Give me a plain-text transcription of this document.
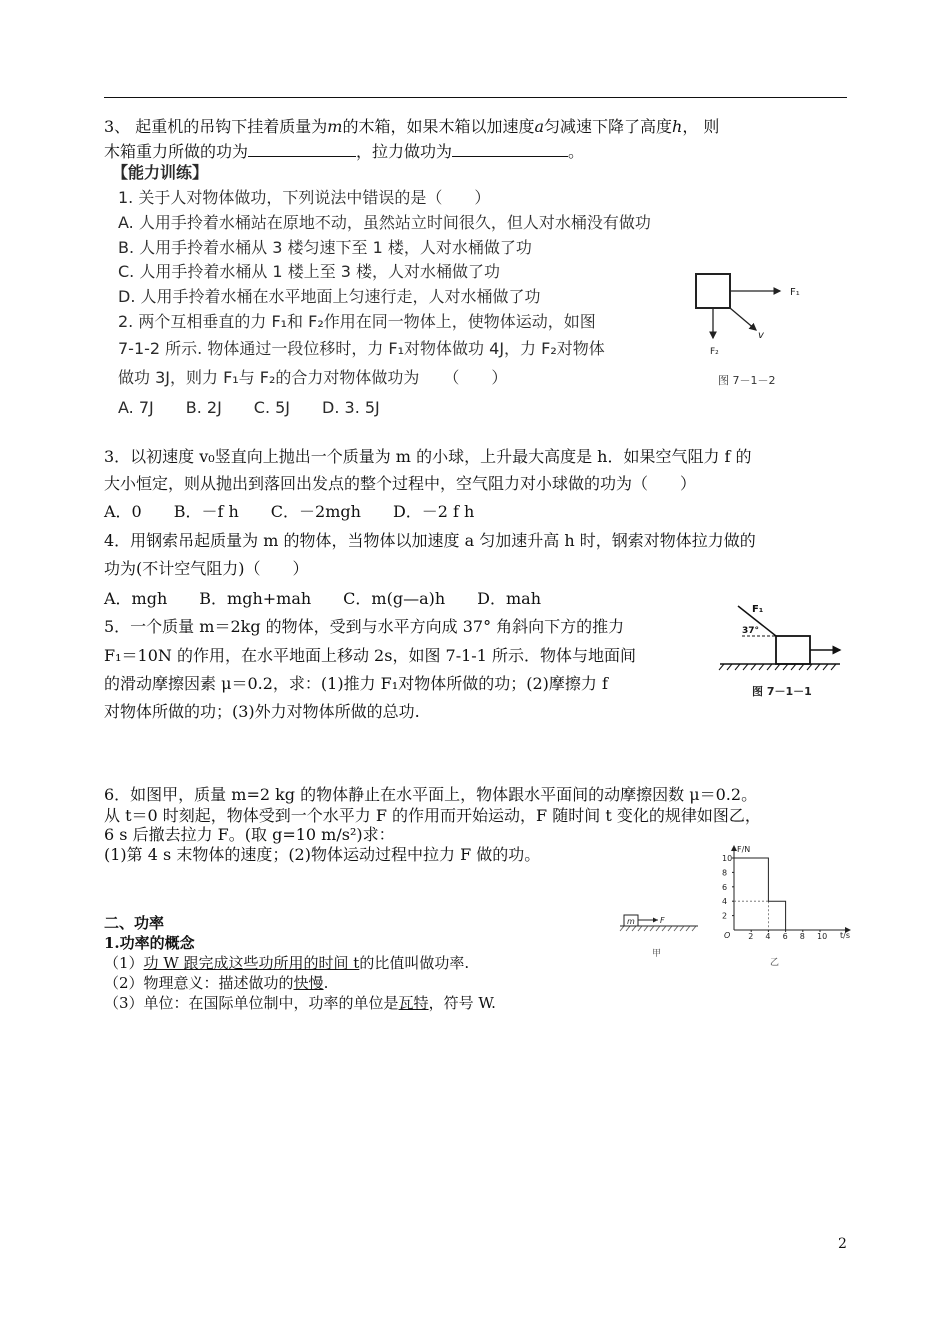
3、 起重机的吊钩下挂着质量为m的木箱，如果木箱以加速度a匀减速下降了高度h， 则
木箱重力所做的功为	，拉力做功为	。
【能力训练】
1. 关于人对物体做功，下列说法中错误的是（　　）
A. 人用手拎着水桶站在原地不动，虽然站立时间很久，但人对水桶没有做功
B. 人用手拎着水桶从 3 楼匀速下至 1 楼，人对水桶做了功
C. 人用手拎着水桶从 1 楼上至 3 楼，人对水桶做了功
D. 人用手拎着水桶在水平地面上匀速行走，人对水桶做了功
2. 两个互相垂直的力 F₁和 F₂作用在同一物体上，使物体运动，如图
7-1-2 所示. 物体通过一段位移时，力 F₁对物体做功 4J，力 F₂对物体
做功 3J，则力 F₁与 F₂的合力对物体做功为　　（　　）
A. 7J　　B. 2J　　C. 5J　　D. 3. 5J
F₁
F₂
v
图 7－1－2
3．以初速度 v₀竖直向上抛出一个质量为 m 的小球，上升最大高度是 h．如果空气阻力 f 的
大小恒定，则从抛出到落回出发点的整个过程中，空气阻力对小球做的功为（　　）
A．0　　B．－f h　　C．－2mgh　　D．－2 f h
4．用钢索吊起质量为 m 的物体，当物体以加速度 a 匀加速升高 h 时，钢索对物体拉力做的
功为(不计空气阻力)（　　）
A．mgh　　B．mgh+mah　　C．m(g—a)h　　D．mah
5．一个质量 m＝2kg 的物体，受到与水平方向成 37° 角斜向下方的推力
F₁＝10N 的作用，在水平地面上移动 2s，如图 7-1-1 所示．物体与地面间
的滑动摩擦因素 μ＝0.2，求：(1)推力 F₁对物体所做的功；(2)摩擦力 f
对物体所做的功；(3)外力对物体所做的总功.
F₁
37°
图 7－1－1
6．如图甲，质量 m=2 kg 的物体静止在水平面上，物体跟水平面间的动摩擦因数 μ＝0.2。
从 t＝0 时刻起，物体受到一个水平力 F 的作用而开始运动，F 随时间 t 变化的规律如图乙，
6 s 后撤去拉力 F。(取 g=10 m/s²)求：
(1)第 4 s 末物体的速度；(2)物体运动过程中拉力 F 做的功。
m	F
甲
F/N
t/s
O
10
8
6
4
2
2 4 6 8 10
乙
二、功率
1.功率的概念
（1）功 W 跟完成这些功所用的时间 t的比值叫做功率.
（2）物理意义：描述做功的快慢.
（3）单位：在国际单位制中，功率的单位是瓦特，符号 W.
2
